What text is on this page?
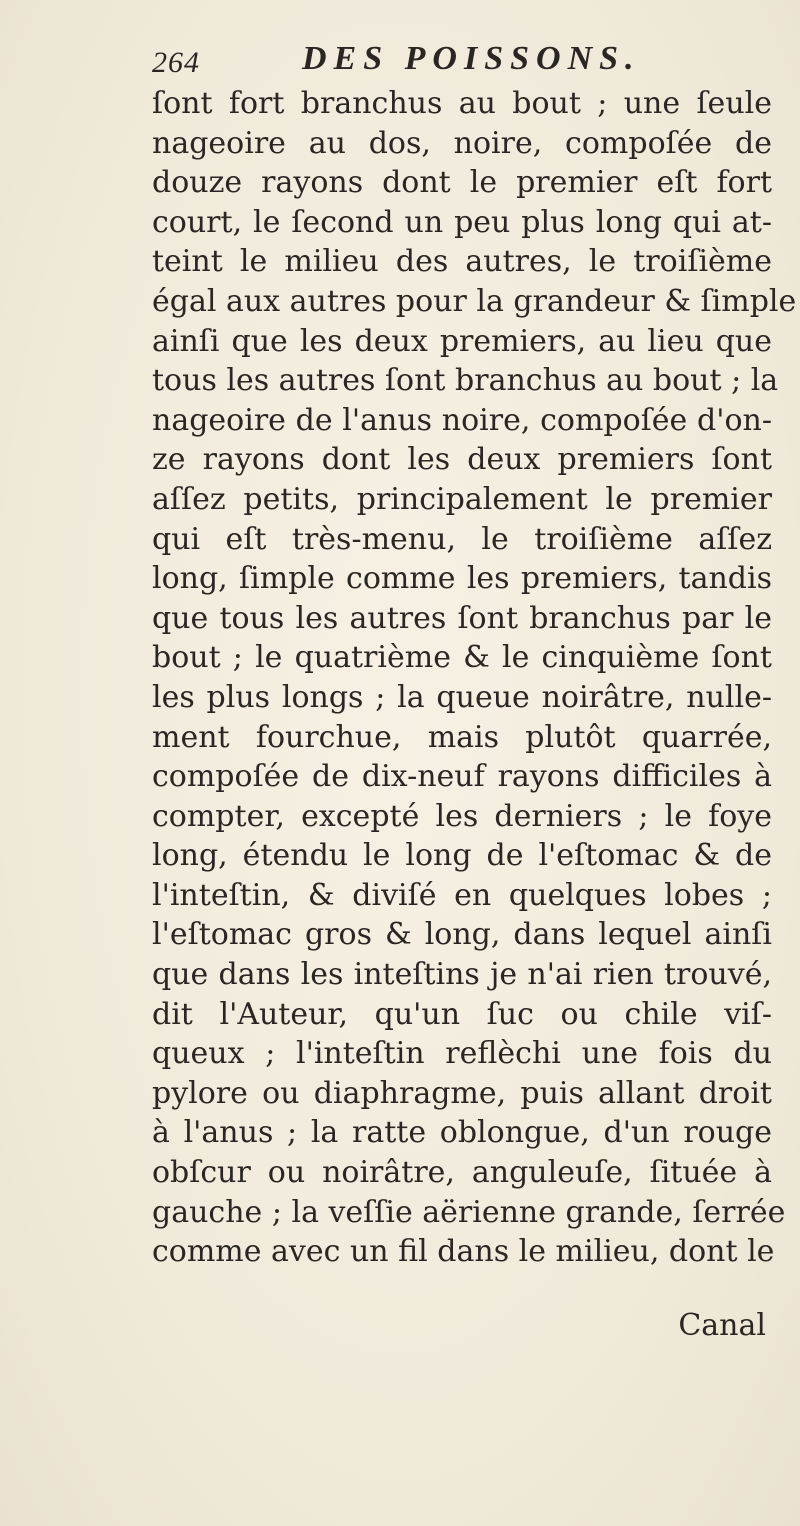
264	DES POISSONS.
ſont fort branchus au bout ; une ſeule
nageoire au dos, noire, compoſée de
douze rayons dont le premier eſt fort
court, le ſecond un peu plus long qui at-
teint le milieu des autres, le troiſième
égal aux autres pour la grandeur & ſimple
ainſi que les deux premiers, au lieu que
tous les autres ſont branchus au bout ; la
nageoire de l'anus noire, compoſée d'on-
ze rayons dont les deux premiers ſont
aſſez petits, principalement le premier
qui eſt très-menu, le troiſième aſſez
long, ſimple comme les premiers, tandis
que tous les autres ſont branchus par le
bout ; le quatrième & le cinquième ſont
les plus longs ; la queue noirâtre, nulle-
ment fourchue, mais plutôt quarrée,
compoſée de dix-neuf rayons difficiles à
compter, excepté les derniers ; le foye
long, étendu le long de l'eſtomac & de
l'inteſtin, & diviſé en quelques lobes ;
l'eſtomac gros & long, dans lequel ainſi
que dans les inteſtins je n'ai rien trouvé,
dit l'Auteur, qu'un ſuc ou chile viſ-
queux ; l'inteſtin reflèchi une fois du
pylore ou diaphragme, puis allant droit
à l'anus ; la ratte oblongue, d'un rouge
obſcur ou noirâtre, anguleuſe, ſituée à
gauche ; la veſſie aërienne grande, ſerrée
comme avec un fil dans le milieu, dont le
Canal
